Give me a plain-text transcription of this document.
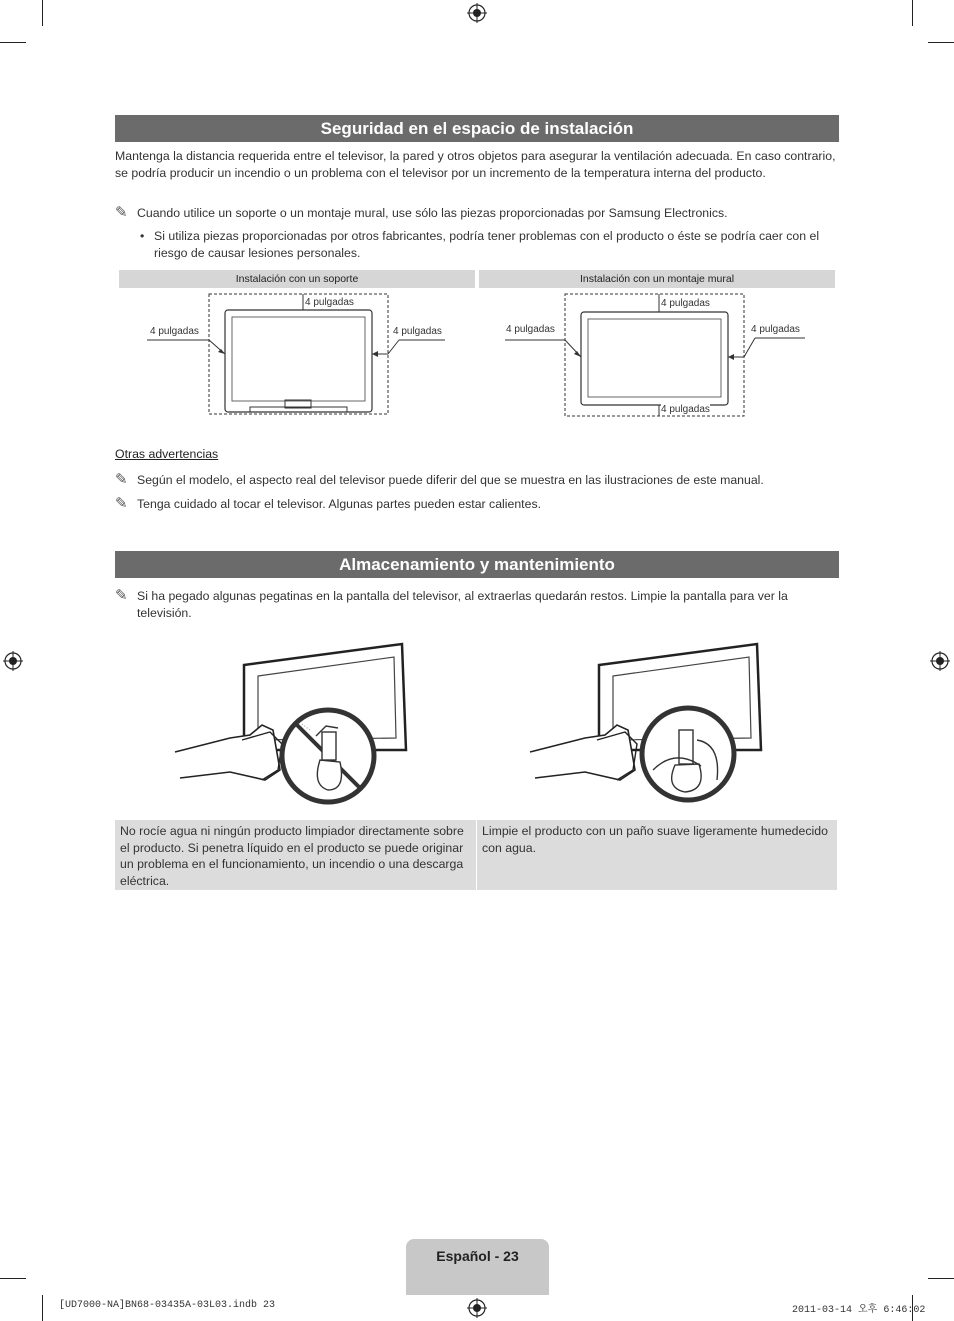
Seguridad en el espacio de instalación
Mantenga la distancia requerida entre el televisor, la pared y otros objetos para asegurar la ventilación adecuada. En caso contrario, se podría producir un incendio o un problema con el televisor por un incremento de la temperatura interna del producto.
✎ Cuando utilice un soporte o un montaje mural, use sólo las piezas proporcionadas por Samsung Electronics.
• Si utiliza piezas proporcionadas por otros fabricantes, podría tener problemas con el producto o éste se podría caer con el riesgo de causar lesiones personales.
Instalación con un soporte	Instalación con un montaje mural
4 pulgadas
4 pulgadas	4 pulgadas
4 pulgadas
4 pulgadas	4 pulgadas
4 pulgadas
Otras advertencias
✎ Según el modelo, el aspecto real del televisor puede diferir del que se muestra en las ilustraciones de este manual.
✎ Tenga cuidado al tocar el televisor. Algunas partes pueden estar calientes.
Almacenamiento y mantenimiento
✎ Si ha pegado algunas pegatinas en la pantalla del televisor, al extraerlas quedarán restos. Limpie la pantalla para ver la televisión.
No rocíe agua ni ningún producto limpiador directamente sobre el producto. Si penetra líquido en el producto se puede originar un problema en el funcionamiento, un incendio o una descarga eléctrica.
Limpie el producto con un paño suave ligeramente humedecido con agua.
Español - 23
[UD7000-NA]BN68-03435A-03L03.indb 23	2011-03-14 오후 6:46:02
